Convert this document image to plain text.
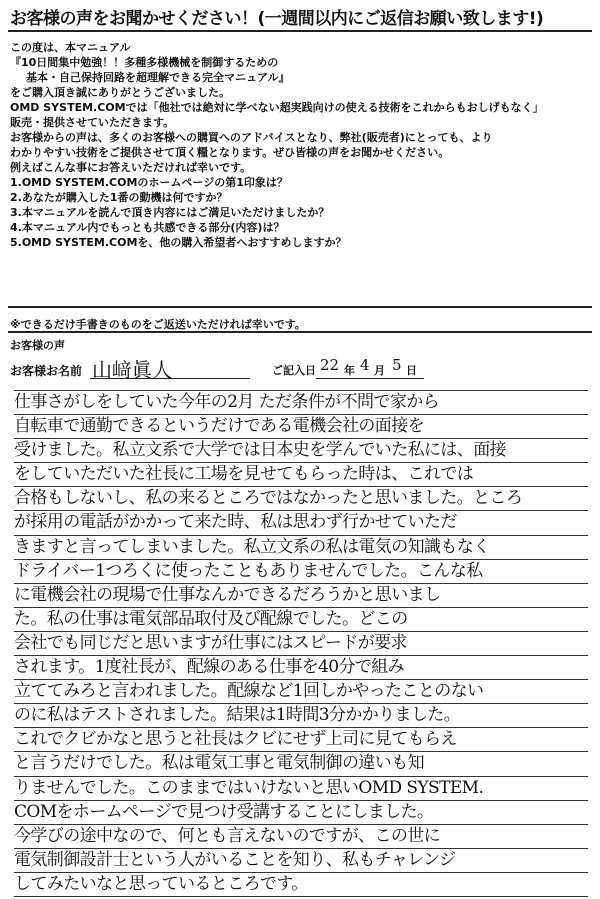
お客様の声をお聞かせください！(一週間以内にご返信お願い致します!)
この度は、本マニュアル
『10日間集中勉強！！多種多様機械を制御するための
基本・自己保持回路を超理解できる完全マニュアル』
をご購入頂き誠にありがとうございました。
OMD SYSTEM.COMでは「他社では絶対に学べない超実践向けの使える技術をこれからもおしげもなく」
販売・提供させていただきます。
お客様からの声は、多くのお客様への購買へのアドバイスとなり、弊社(販売者)にとっても、より
わかりやすい技術をご提供させて頂く糧となります。ぜひ皆様の声をお聞かせください。
例えばこんな事にお答えいただければ幸いです。
1.OMD SYSTEM.COMのホームページの第1印象は？
2.あなたが購入した1番の動機は何ですか？
3.本マニュアルを読んで頂き内容にはご満足いただけましたか？
4.本マニュアル内でもっとも共感できる部分(内容)は？
5.OMD SYSTEM.COMを、他の購入希望者へおすすめしますか？
※できるだけ手書きのものをご返送いただければ幸いです。
お客様の声
お客様お名前 山﨑眞人	ご記入日 22 年 4 月 5 日
仕事さがしをしていた今年の2月 ただ条件が不問で家から
自転車で通勤できるというだけである電機会社の面接を
受けました。私立文系で大学では日本史を学んでいた私には、面接
をしていただいた社長に工場を見せてもらった時は、これでは
合格もしないし、私の来るところではなかったと思いました。ところ
が採用の電話がかかって来た時、私は思わず行かせていただ
きますと言ってしまいました。私立文系の私は電気の知識もなく
ドライバー1つろくに使ったこともありませんでした。こんな私
に電機会社の現場で仕事なんかできるだろうかと思いまし
た。私の仕事は電気部品取付及び配線でした。どこの
会社でも同じだと思いますが仕事にはスピードが要求
されます。1度社長が、配線のある仕事を40分で組み
立ててみろと言われました。配線など1回しかやったことのない
のに私はテストされました。結果は1時間3分かかりました。
これでクビかなと思うと社長はクビにせず上司に見てもらえ
と言うだけでした。私は電気工事と電気制御の違いも知
りませんでした。このままではいけないと思いOMD SYSTEM.
COMをホームページで見つけ受講することにしました。
今学びの途中なので、何とも言えないのですが、この世に
電気制御設計士という人がいることを知り、私もチャレンジ
してみたいなと思っているところです。
